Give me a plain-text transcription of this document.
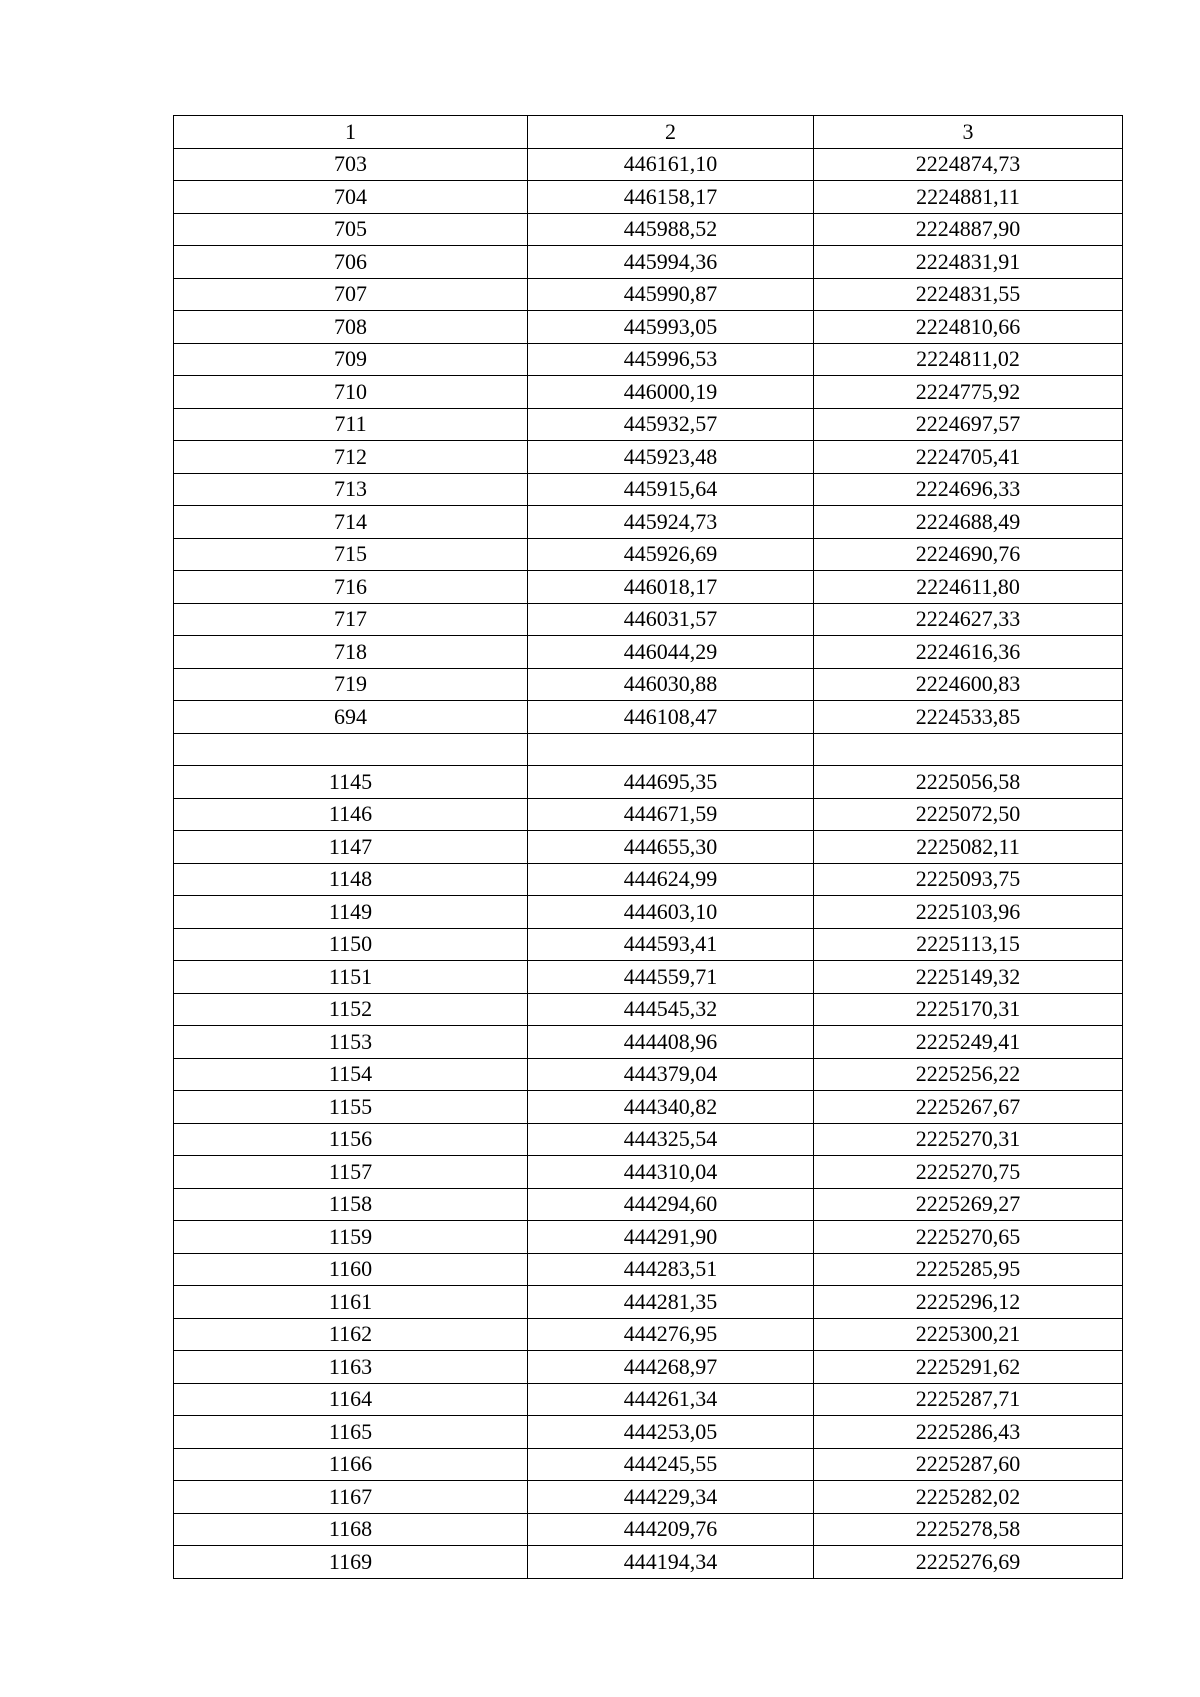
1	2	3
703	446161,10	2224874,73
704	446158,17	2224881,11
705	445988,52	2224887,90
706	445994,36	2224831,91
707	445990,87	2224831,55
708	445993,05	2224810,66
709	445996,53	2224811,02
710	446000,19	2224775,92
711	445932,57	2224697,57
712	445923,48	2224705,41
713	445915,64	2224696,33
714	445924,73	2224688,49
715	445926,69	2224690,76
716	446018,17	2224611,80
717	446031,57	2224627,33
718	446044,29	2224616,36
719	446030,88	2224600,83
694	446108,47	2224533,85

1145	444695,35	2225056,58
1146	444671,59	2225072,50
1147	444655,30	2225082,11
1148	444624,99	2225093,75
1149	444603,10	2225103,96
1150	444593,41	2225113,15
1151	444559,71	2225149,32
1152	444545,32	2225170,31
1153	444408,96	2225249,41
1154	444379,04	2225256,22
1155	444340,82	2225267,67
1156	444325,54	2225270,31
1157	444310,04	2225270,75
1158	444294,60	2225269,27
1159	444291,90	2225270,65
1160	444283,51	2225285,95
1161	444281,35	2225296,12
1162	444276,95	2225300,21
1163	444268,97	2225291,62
1164	444261,34	2225287,71
1165	444253,05	2225286,43
1166	444245,55	2225287,60
1167	444229,34	2225282,02
1168	444209,76	2225278,58
1169	444194,34	2225276,69
